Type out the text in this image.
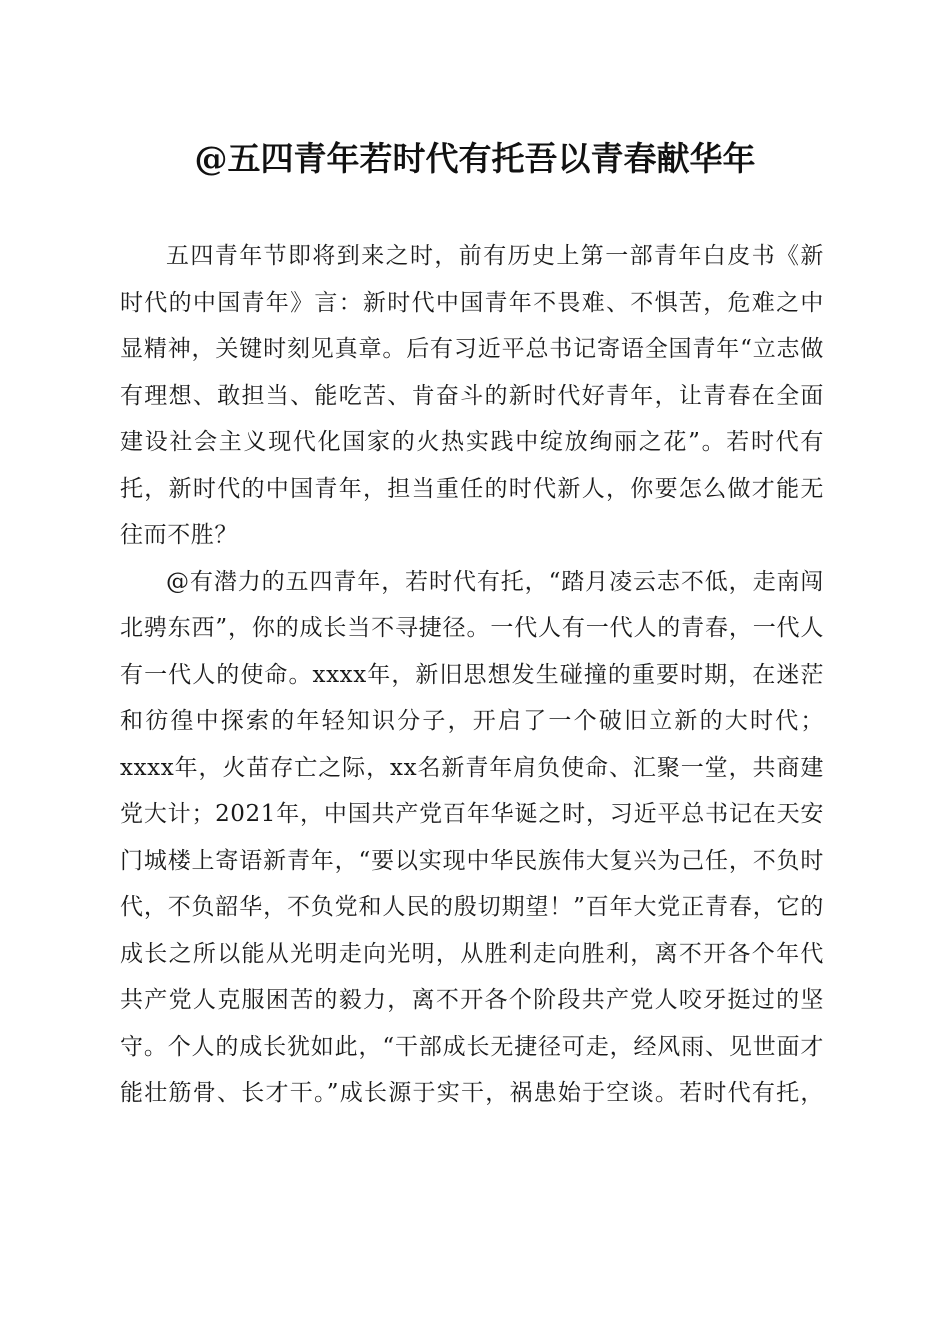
@五四青年若时代有托吾以青春献华年

五四青年节即将到来之时，前有历史上第一部青年白皮书《新时代的中国青年》言：新时代中国青年不畏难、不惧苦，危难之中显精神，关键时刻见真章。后有习近平总书记寄语全国青年“立志做有理想、敢担当、能吃苦、肯奋斗的新时代好青年，让青春在全面建设社会主义现代化国家的火热实践中绽放绚丽之花”。若时代有托，新时代的中国青年，担当重任的时代新人，你要怎么做才能无往而不胜？

@有潜力的五四青年，若时代有托，“踏月凌云志不低，走南闯北骋东西”，你的成长当不寻捷径。一代人有一代人的青春，一代人有一代人的使命。xxxx年，新旧思想发生碰撞的重要时期，在迷茫和彷徨中探索的年轻知识分子，开启了一个破旧立新的大时代；xxxx年，火苗存亡之际，xx名新青年肩负使命、汇聚一堂，共商建党大计；2021年，中国共产党百年华诞之时，习近平总书记在天安门城楼上寄语新青年，“要以实现中华民族伟大复兴为己任，不负时代，不负韶华，不负党和人民的殷切期望！”百年大党正青春，它的成长之所以能从光明走向光明，从胜利走向胜利，离不开各个年代共产党人克服困苦的毅力，离不开各个阶段共产党人咬牙挺过的坚守。个人的成长犹如此，“干部成长无捷径可走，经风雨、见世面才能壮筋骨、长才干。”成长源于实干，祸患始于空谈。若时代有托，
